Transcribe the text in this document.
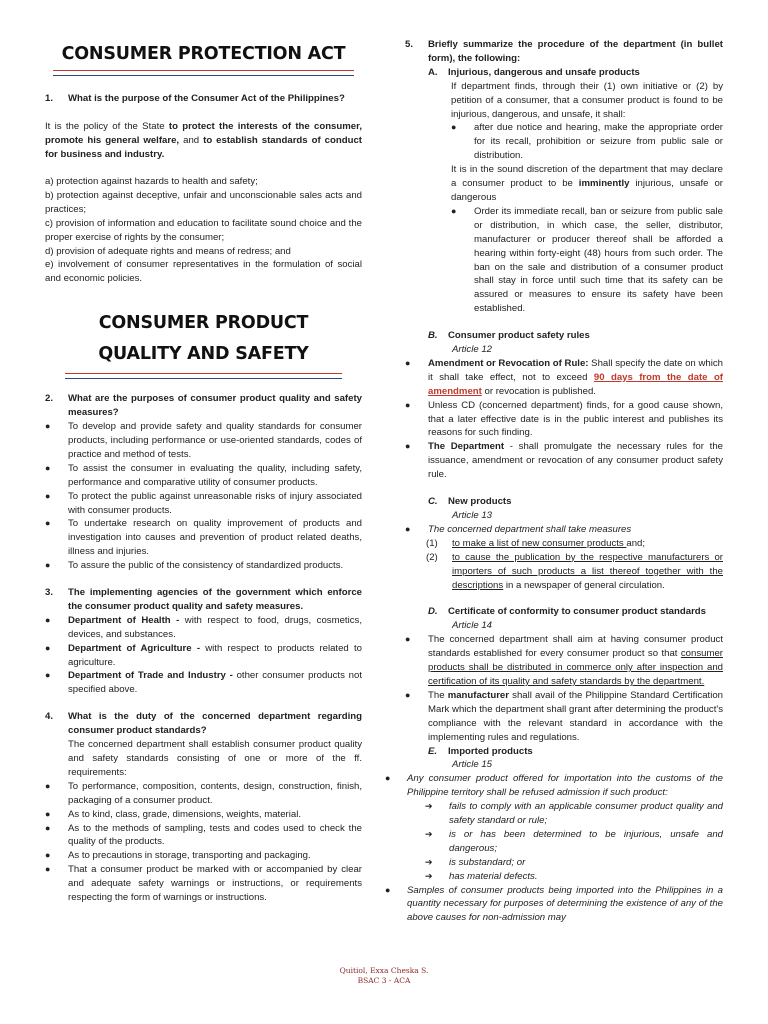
CONSUMER PROTECTION ACT
1. What is the purpose of the Consumer Act of the Philippines?

It is the policy of the State to protect the interests of the consumer, promote his general welfare, and to establish standards of conduct for business and industry.

a) protection against hazards to health and safety;

b) protection against deceptive, unfair and unconscionable sales acts and practices;

c) provision of information and education to facilitate sound choice and the proper exercise of rights by the consumer;

d) provision of adequate rights and means of redress; and

e) involvement of consumer representatives in the formulation of social and economic policies.

CONSUMER PRODUCT
QUALITY AND SAFETY
2. What are the purposes of consumer product quality and safety measures?
● To develop and provide safety and quality standards for consumer products, including performance or use-oriented standards, codes of practice and method of tests.
● To assist the consumer in evaluating the quality, including safety, performance and comparative utility of consumer products.
● To protect the public against unreasonable risks of injury associated with consumer products.
● To undertake research on quality improvement of products and investigation into causes and prevention of product related deaths, illness and injuries.
● To assure the public of the consistency of standardized products.
3. The implementing agencies of the government which enforce the consumer product quality and safety measures.
● Department of Health - with respect to food, drugs, cosmetics, devices, and substances.
● Department of Agriculture - with respect to products related to agriculture.
● Department of Trade and Industry - other consumer products not specified above.
4. What is the duty of the concerned department regarding consumer product standards?

The concerned department shall establish consumer product quality and safety standards consisting of one or more of the ff. requirements:

● To performance, composition, contents, design, construction, finish, packaging of a consumer product.
● As to kind, class, grade, dimensions, weights, material.
● As to the methods of sampling, tests and codes used to check the quality of the products.
● As to precautions in storage, transporting and packaging.
● That a consumer product be marked with or accompanied by clear and adequate safety warnings or instructions, or requirements respecting the form of warnings or instructions.
5. Briefly summarize the procedure of the department (in bullet form), the following:
A. Injurious, dangerous and unsafe products

If department finds, through their (1) own initiative or (2) by petition of a consumer, that a consumer product is found to be injurious, dangerous, and unsafe, it shall:

● after due notice and hearing, make the appropriate order for its recall, prohibition or seizure from public sale or distribution.

It is in the sound discretion of the department that may declare a consumer product to be imminently injurious, unsafe or dangerous

● Order its immediate recall, ban or seizure from public sale or distribution, in which case, the seller, distributor, manufacturer or producer thereof shall be afforded a hearing within forty-eight (48) hours from such order. The ban on the sale and distribution of a consumer product shall stay in force until such time that its safety can be assured or measures to ensure its safety have been established.
B. Consumer product safety rules

Article 12

● Amendment or Revocation of Rule: Shall specify the date on which it shall take effect, not to exceed 90 days from the date of amendment or revocation is published.
● Unless CD (concerned department) finds, for a good cause shown, that a later effective date is in the public interest and publishes its reasons for such finding.
● The Department - shall promulgate the necessary rules for the issuance, amendment or revocation of any consumer product safety rule.
C. New products

Article 13

● The concerned department shall take measures
(1) to make a list of new consumer products and;
(2) to cause the publication by the respective manufacturers or importers of such products a list thereof together with the descriptions in a newspaper of general circulation.
D. Certificate of conformity to consumer product standards

Article 14

● The concerned department shall aim at having consumer product standards established for every consumer product so that consumer products shall be distributed in commerce only after inspection and certification of its quality and safety standards by the department.
● The manufacturer shall avail of the Philippine Standard Certification Mark which the department shall grant after determining the product's compliance with the relevant standard in accordance with the implementing rules and regulations.
E. Imported products

Article 15

● Any consumer product offered for importation into the customs of the Philippine territory shall be refused admission if such product:
➔ fails to comply with an applicable consumer product quality and safety standard or rule;
➔ is or has been determined to be injurious, unsafe and dangerous;
➔ is substandard; or
➔ has material defects.
● Samples of consumer products being imported into the Philippines in a quantity necessary for purposes of determining the existence of any of the above causes for non-admission may
Quitiol, Exxa Cheska S.
BSAC 3 - ACA
